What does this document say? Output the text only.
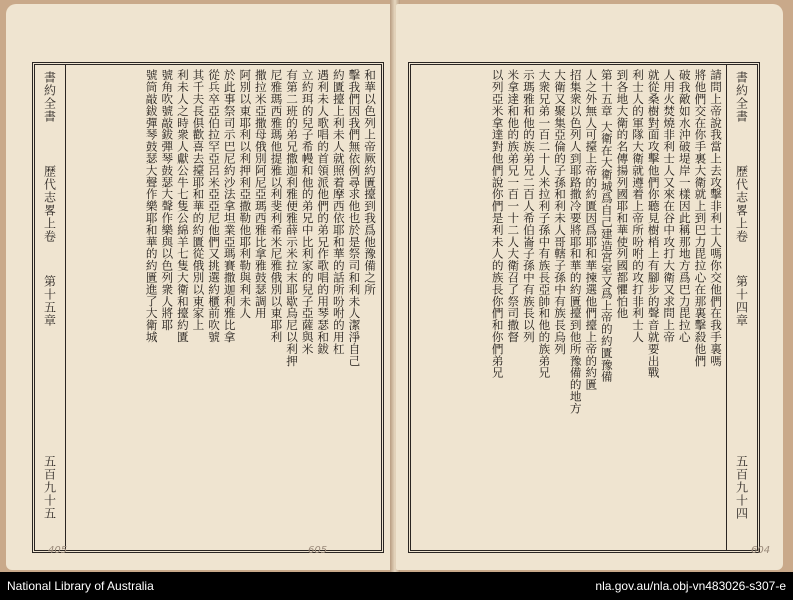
書約全書
歷代志畧上卷
第十五章
五百九十五
和華以色列上帝厥約匱擡到我爲他豫備之所
擊我們因我們無依例尋求他也於是祭司和利未人潔淨自己
約匱擡上利未人就照着摩西依耶和華的話所吩咐的用杠
遇利未人歌唱的首領派他們的弟兄作歌唱的用琴瑟和鈸
立約珥的兒子希幔和他的弟兄中比利家的兒子亞薩與米
有第二班的弟兄撒迦利雅便雅薛示米拉末耶歇烏尼以利押
尼雅瑪西雅瑪他提雅以利斐利希米尼雅俄別以東耶利
撒拉米亞撒母俄別阿尼亞瑪西雅比拿雅鼓瑟調用
阿別以東耶利以利押利亞撒勒他耶利勒與利未人
於此事祭司示巴尼約沙法拿坦業亞瑪賽撒迦利雅比拿
從兵卒亞伯拉罕亞呂米亞亞尼他們又挑選約櫃前吹號
其千夫長俱歡喜去擡耶和華的約匱從俄別以東家上
利未人之時衆人獻公牛七隻公綿羊七隻大衛和擡約匱
號角吹號敲鈸彈琴鼓瑟大聲作樂與以色列衆人將耶
號筒敲鈸彈琴鼓瑟大聲作樂耶和華的約匱進了大衛城
405	605
請問上帝說我當上去攻擊非利士人嗎你交他們在我手裏嗎
將他們交在你手裏大衛就上到巴力毘拉心在那裏擊殺他們
破我敵如水沖破堤岸一樣因此稱那地方爲巴力毘拉心
人用火焚燒非利士人又來在谷中攻打大衛又求問上帝
就從桑樹對面攻擊他們你聽見樹梢上有腳步的聲音就要出戰
利士人的軍隊大衛就遵着上帝所吩咐的攻打非利士人
到各地大衛的名傳揚列國耶和華使列國都懼怕他
第十五章 大衛在大衛城爲自己建造宮室又爲上帝的約匱豫備
人之外無人可擡上帝的約匱因爲耶和華揀選他們擡上帝的約匱
招集衆以色列人到耶路撒冷要將耶和華的約匱擡到他所豫備的地方
大衛又聚集亞倫的子孫和利未人哥轄子孫中有族長烏列
大衆兄弟一百二十人米拉利子孫中有族長亞帥和他的族弟兄
示瑪雅和他的族弟兄二百人希伯崙子孫中有族長以列
米拿達和他的族弟兄一百一十二人大衛召了祭司撒督
以列亞米拿達對他們說你們是利未人的族長你們和你們弟兄	書約全書
歷代志畧上卷
第十四章
五百九十四
604
National Library of Australia	nla.gov.au/nla.obj-vn483026-s307-e
